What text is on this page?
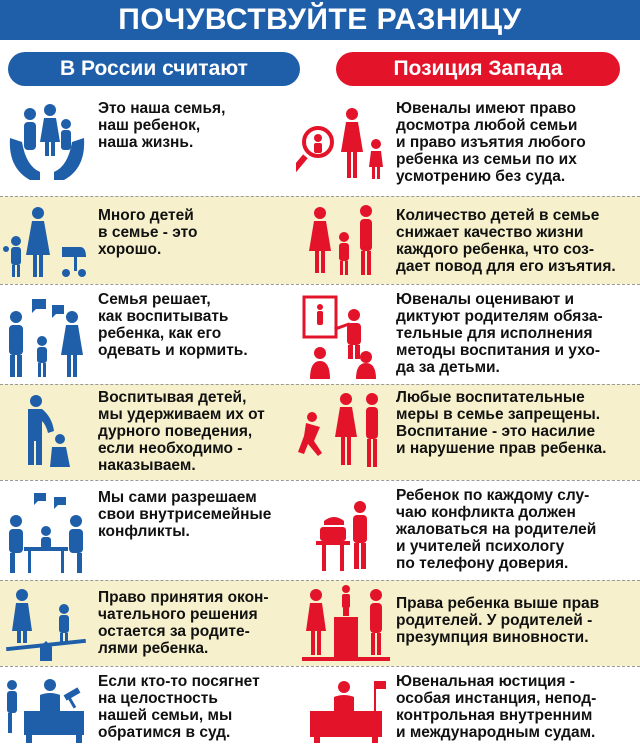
ПОЧУВСТВУЙТЕ РАЗНИЦУ
В России считают	Позиция Запада
Это наша семья,
наш ребенок,
наша жизнь.
Ювеналы имеют право
досмотра любой семьи
и право изъятия любого
ребенка из семьи по их
усмотрению без суда.
Много детей
в семье - это
хорошо.
Количество детей в семье
снижает качество жизни
каждого ребенка, что соз-
дает повод для его изъятия.
Семья решает,
как воспитывать
ребенка, как его
одевать и кормить.
Ювеналы оценивают и
диктуют родителям обяза-
тельные для исполнения
методы воспитания и ухо-
да за детьми.
Воспитывая детей,
мы удерживаем их от
дурного поведения,
если необходимо -
наказываем.
Любые воспитательные
меры в семье запрещены.
Воспитание - это насилие
и нарушение прав ребенка.
Мы сами разрешаем
свои внутрисемейные
конфликты.
Ребенок по каждому слу-
чаю конфликта должен
жаловаться на родителей
и учителей психологу
по телефону доверия.
Право принятия окон-
чательного решения
остается за родите-
лями ребенка.
Права ребенка выше прав
родителей. У родителей -
презумпция виновности.
Если кто-то посягнет
на целостность
нашей семьи, мы
обратимся в суд.
Ювенальная юстиция -
особая инстанция, непод-
контрольная внутренним
и международным судам.
